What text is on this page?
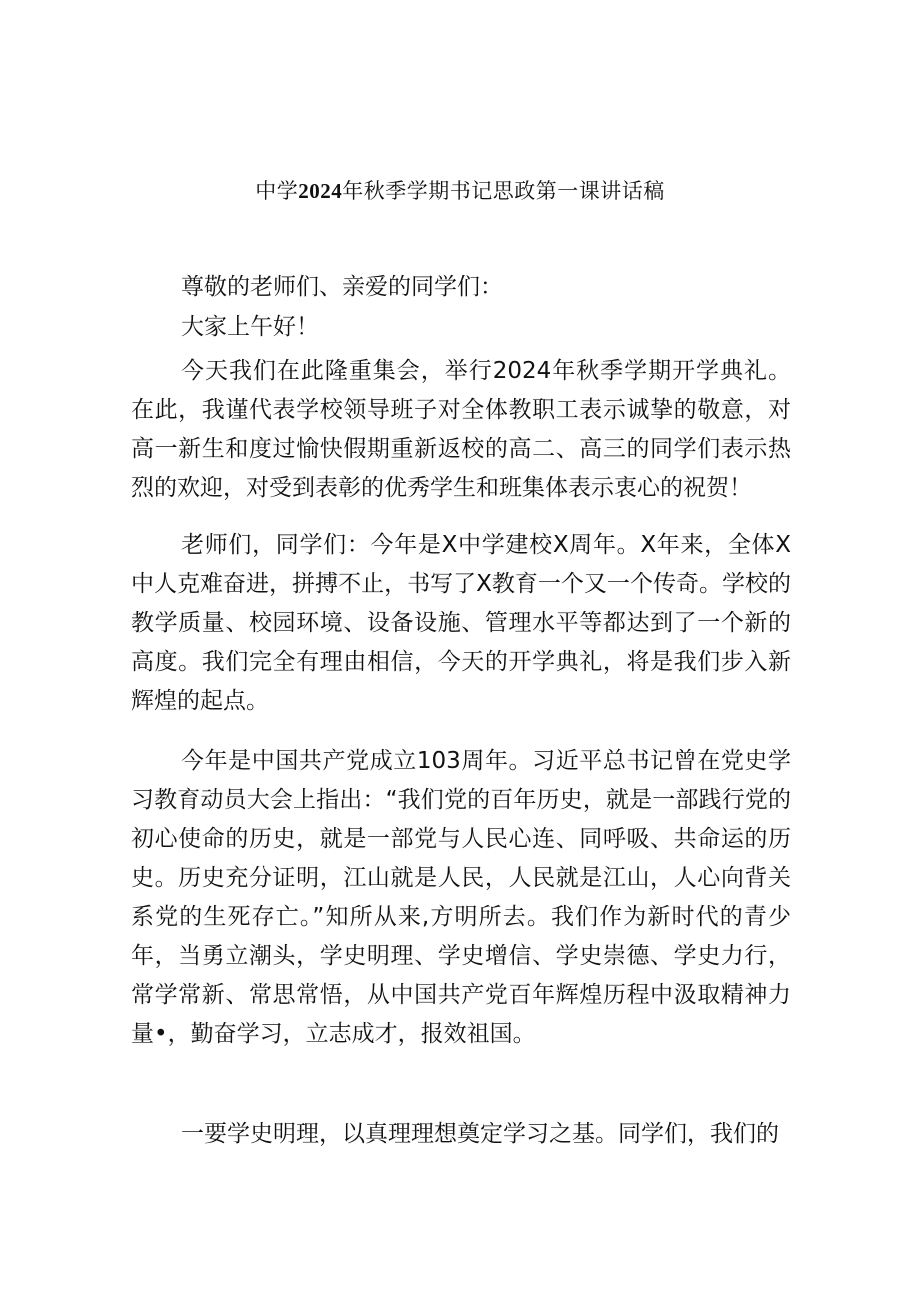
中学2024年秋季学期书记思政第一课讲话稿

尊敬的老师们、亲爱的同学们：

大家上午好！

今天我们在此隆重集会，举行2024年秋季学期开学典礼。在此，我谨代表学校领导班子对全体教职工表示诚挚的敬意，对高一新生和度过愉快假期重新返校的高二、高三的同学们表示热烈的欢迎，对受到表彰的优秀学生和班集体表示衷心的祝贺！

老师们，同学们：今年是X中学建校X周年。X年来，全体X中人克难奋进，拼搏不止，书写了X教育一个又一个传奇。学校的教学质量、校园环境、设备设施、管理水平等都达到了一个新的高度。我们完全有理由相信，今天的开学典礼，将是我们步入新辉煌的起点。

今年是中国共产党成立103周年。习近平总书记曾在党史学习教育动员大会上指出：“我们党的百年历史，就是一部践行党的初心使命的历史，就是一部党与人民心连、同呼吸、共命运的历史。历史充分证明，江山就是人民，人民就是江山，人心向背关系党的生死存亡。”知所从来,方明所去。我们作为新时代的青少年，当勇立潮头，学史明理、学史增信、学史崇德、学史力行，常学常新、常思常悟，从中国共产党百年辉煌历程中汲取精神力量•，勤奋学习，立志成才，报效祖国。

一要学史明理，以真理理想奠定学习之基。同学们，我们的
